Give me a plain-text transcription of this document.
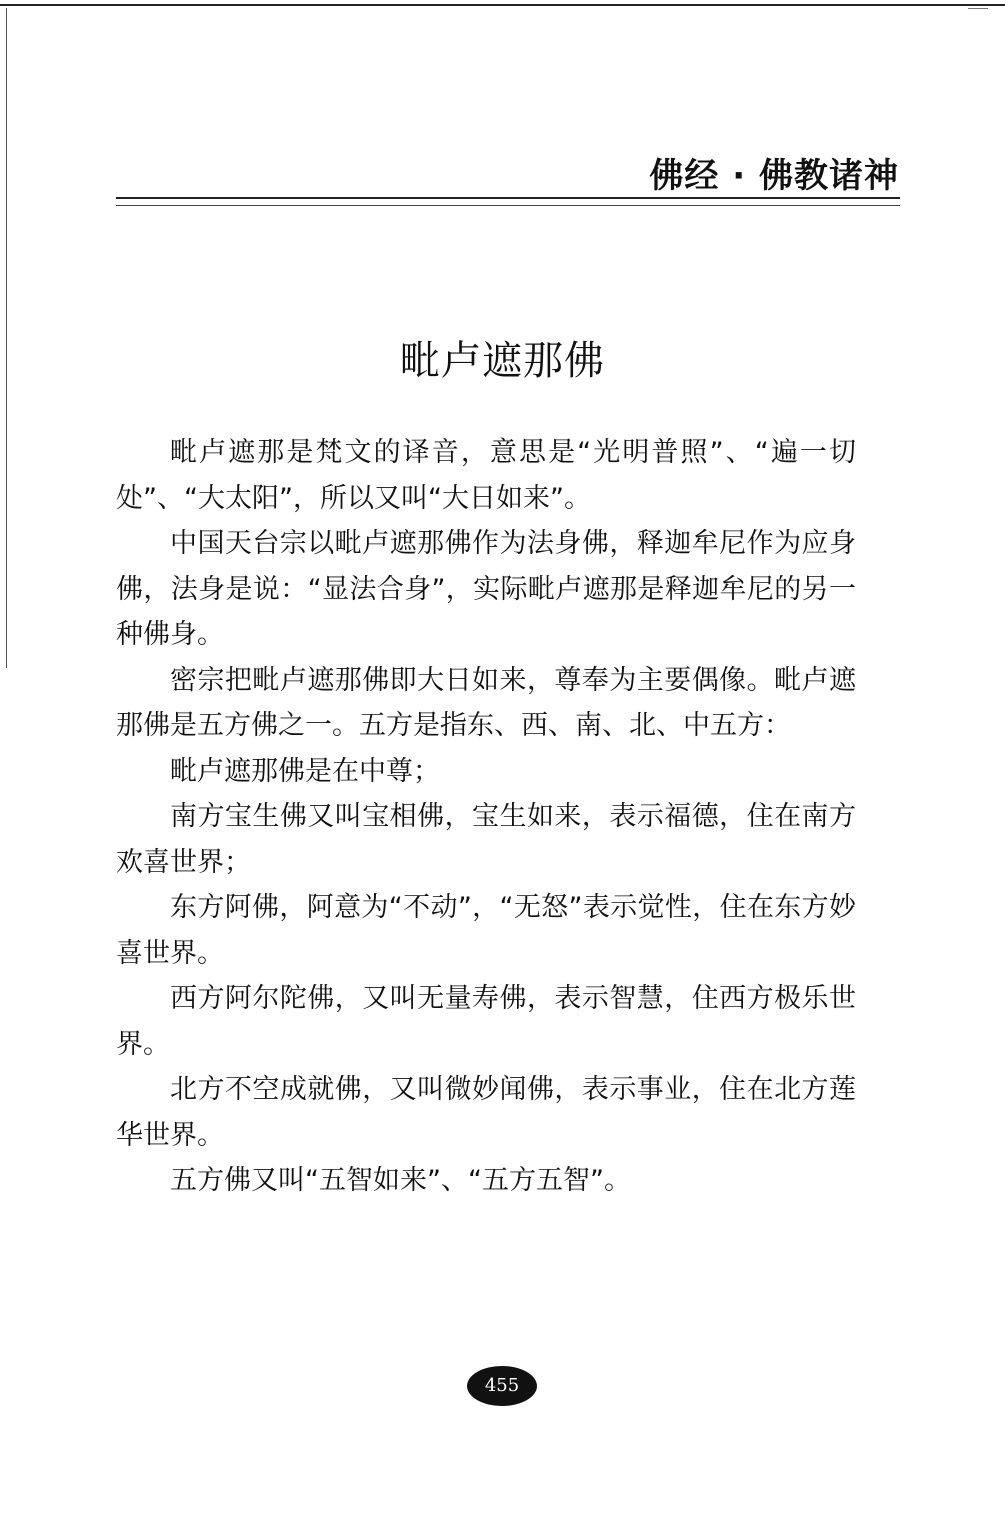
佛经 · 佛教诸神
毗卢遮那佛

毗卢遮那是梵文的译音，意思是“光明普照”、“遍一切处”、“大太阳”，所以又叫“大日如来”。

中国天台宗以毗卢遮那佛作为法身佛，释迦牟尼作为应身佛，法身是说：“显法合身”，实际毗卢遮那是释迦牟尼的另一种佛身。

密宗把毗卢遮那佛即大日如来，尊奉为主要偶像。毗卢遮那佛是五方佛之一。五方是指东、西、南、北、中五方：

毗卢遮那佛是在中尊；

南方宝生佛又叫宝相佛，宝生如来，表示福德，住在南方欢喜世界；

东方阿佛，阿意为“不动”，“无怒”表示觉性，住在东方妙喜世界。

西方阿尔陀佛，又叫无量寿佛，表示智慧，住西方极乐世界。

北方不空成就佛，又叫微妙闻佛，表示事业，住在北方莲华世界。

五方佛又叫“五智如来”、“五方五智”。

455
